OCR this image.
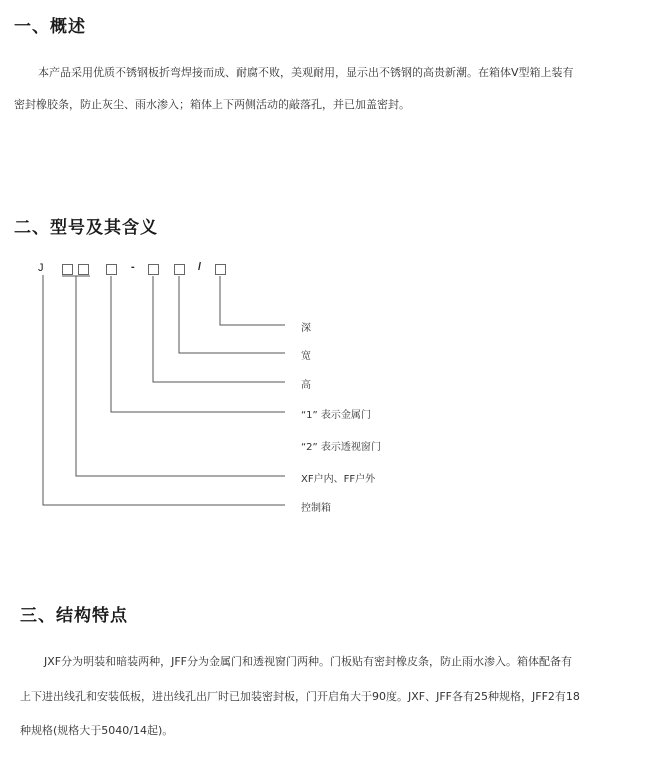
一、概述
本产品采用优质不锈钢板折弯焊接而成、耐腐不败，美观耐用，显示出不锈钢的高贵新潮。在箱体V型箱上装有
密封橡胶条，防止灰尘、雨水渗入；箱体上下两侧活动的敲落孔，并已加盖密封。
二、型号及其含义
J	-	/
深
宽
高
“1” 表示金属门
“2” 表示透视窗门
XF户内、FF户外
控制箱
三、结构特点
JXF分为明装和暗装两种，JFF分为金属门和透视窗门两种。门板贴有密封橡皮条，防止雨水渗入。箱体配备有
上下进出线孔和安装低板，进出线孔出厂时已加装密封板，门开启角大于90度。JXF、JFF各有25种规格，JFF2有18
种规格(规格大于5040/14起)。
